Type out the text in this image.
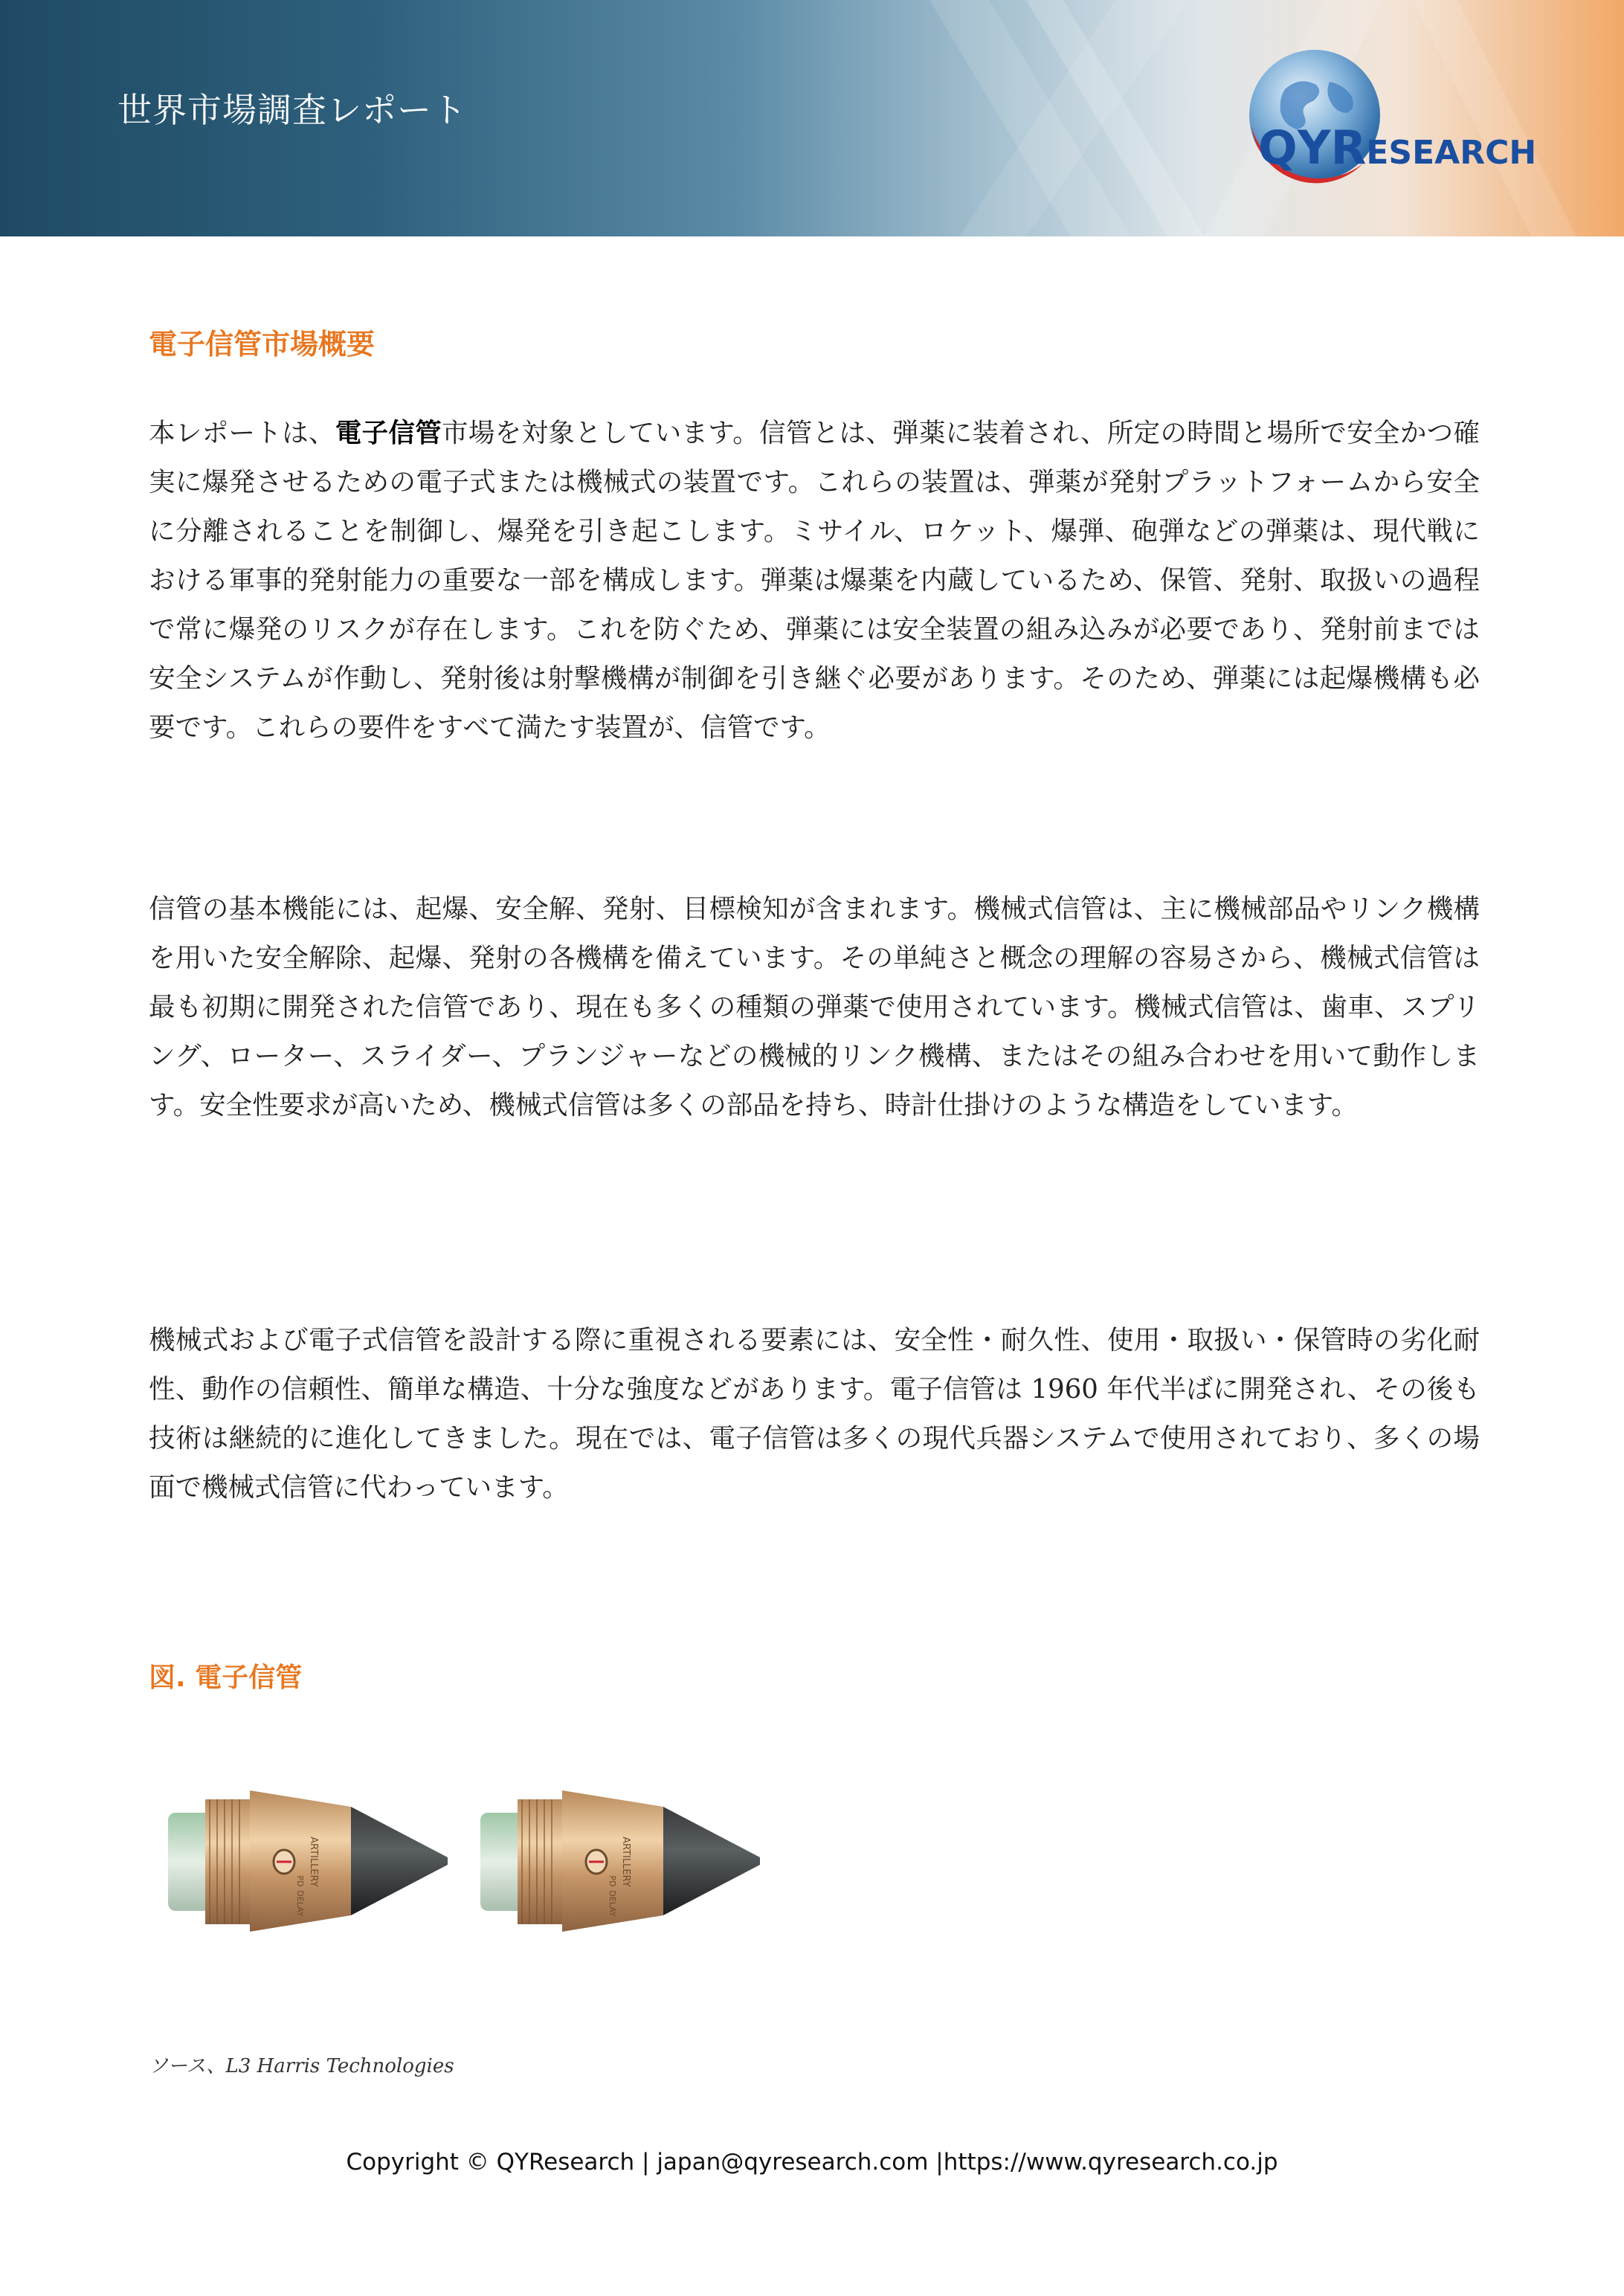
世界市場調査レポート
QYRESEARCH
電子信管市場概要
本レポートは、電子信管市場を対象としています。信管とは、弾薬に装着され、所定の時間と場所で安全かつ確実に爆発させるための電子式または機械式の装置です。これらの装置は、弾薬が発射プラットフォームから安全に分離されることを制御し、爆発を引き起こします。ミサイル、ロケット、爆弾、砲弾などの弾薬は、現代戦における軍事的発射能力の重要な一部を構成します。弾薬は爆薬を内蔵しているため、保管、発射、取扱いの過程で常に爆発のリスクが存在します。これを防ぐため、弾薬には安全装置の組み込みが必要であり、発射前までは安全システムが作動し、発射後は射撃機構が制御を引き継ぐ必要があります。そのため、弾薬には起爆機構も必要です。これらの要件をすべて満たす装置が、信管です。
信管の基本機能には、起爆、安全解、発射、目標検知が含まれます。機械式信管は、主に機械部品やリンク機構を用いた安全解除、起爆、発射の各機構を備えています。その単純さと概念の理解の容易さから、機械式信管は最も初期に開発された信管であり、現在も多くの種類の弾薬で使用されています。機械式信管は、歯車、スプリング、ローター、スライダー、プランジャーなどの機械的リンク機構、またはその組み合わせを用いて動作します。安全性要求が高いため、機械式信管は多くの部品を持ち、時計仕掛けのような構造をしています。
機械式および電子式信管を設計する際に重視される要素には、安全性・耐久性、使用・取扱い・保管時の劣化耐性、動作の信頼性、簡単な構造、十分な強度などがあります。電子信管は 1960 年代半ばに開発され、その後も技術は継続的に進化してきました。現在では、電子信管は多くの現代兵器システムで使用されており、多くの場面で機械式信管に代わっています。
図. 電子信管
ARTILLERY
PD
DELAY
ARTILLERY
PD
DELAY
ソース、L3 Harris Technologies
Copyright © QYResearch | japan@qyresearch.com |https://www.qyresearch.co.jp
